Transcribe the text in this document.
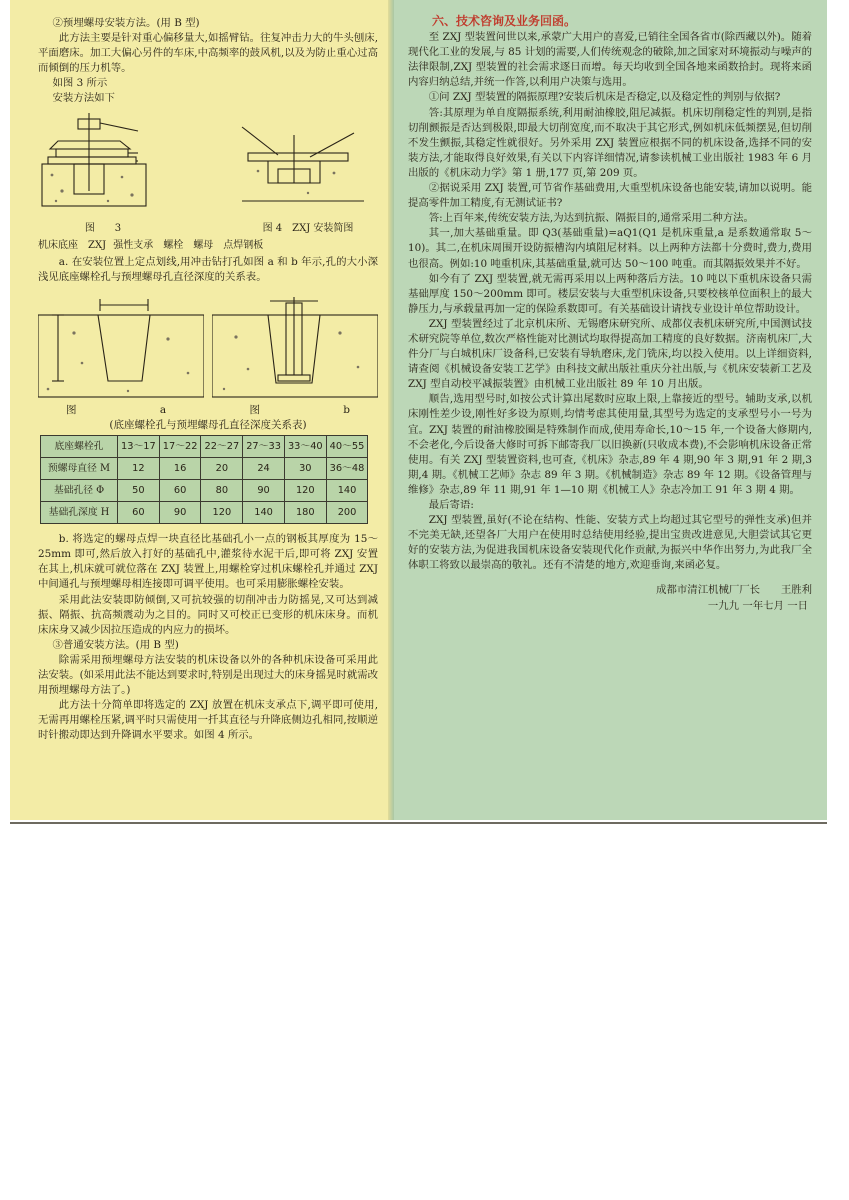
②预埋螺母安装方法。(用 B 型)

此方法主要是针对重心偏移量大,如摇臂钻。往复冲击力大的牛头刨床,平面磨床。加工大偏心另件的车床,中高频率的鼓风机,以及为防止重心过高而倾倒的压力机等。

如图 3 所示

安装方法如下

图　　3	图 4　ZXJ 安装简图

机床底座　ZXJ 强性支承　螺栓　螺母　点焊钢板

a. 在安装位置上定点划线,用冲击钻打孔如图 a 和 b 年示,孔的大小深浅见底座螺栓孔与预埋螺母孔直径深度的关系表。

图 a	图 b
(底座螺栓孔与预埋螺母孔直径深度关系表)
底座螺栓孔	13～17	17～22	22～27	27～33	33～40	40～55
预螺母直径 M	12	16	20	24	30	36～48
基础孔径 Φ	50	60	80	90	120	140
基础孔深度 H	60	90	120	140	180	200

b. 将选定的螺母点焊一块直径比基础孔小一点的钢板其厚度为 15～25mm 即可,然后放入打好的基础孔中,灌浆待水泥干后,即可将 ZXJ 安置在其上,机床就可就位落在 ZXJ 装置上,用螺栓穿过机床螺栓孔并通过 ZXJ 中间通孔与预埋螺母相连接即可调平使用。也可采用膨胀螺栓安装。

采用此法安装即防倾倒,又可抗较强的切削冲击力防摇晃,又可达到减振、隔振、抗高频震动为之目的。同时又可校正已变形的机床床身。而机床床身又减少因拉压造成的内应力的损坏。

③普通安装方法。(用 B 型)

除需采用预埋螺母方法安装的机床设备以外的各种机床设备可采用此法安装。(如采用此法不能达到要求时,特别是出现过大的床身摇晃时就需改用预埋螺母方法了。)

此方法十分简单即将选定的 ZXJ 放置在机床支承点下,调平即可使用,无需再用螺栓压紧,调平时只需使用一扦其直径与升降底侧边孔相同,按顺逆时针搬动即达到升降调水平要求。如图 4 所示。

六、技术咨询及业务回函。

至 ZXJ 型装置问世以来,承蒙广大用户的喜爱,已销往全国各省市(除西藏以外)。随着现代化工业的发展,与 85 计划的需要,人们传统观念的破除,加之国家对环境振动与噪声的法律限制,ZXJ 型装置的社会需求逐日而增。每天均收到全国各地来函数拾封。现将来函内容归纳总结,并统一作答,以利用户决策与选用。

①问 ZXJ 型装置的隔振原理?安装后机床是否稳定,以及稳定性的判别与依据?

答:其原理为单自度隔振系统,利用耐油橡胶,阻尼减振。机床切削稳定性的判别,是指切削颤振是否达到极限,即最大切削宽度,而不取决于其它形式,例如机床低频摆晃,但切削不发生颤振,其稳定性就很好。另外采用 ZXJ 装置应根据不同的机床设备,选择不同的安装方法,才能取得良好效果,有关以下内容详细情况,请参读机械工业出版社 1983 年 6 月出版的《机床动力学》第 1 册,177 页,第 209 页。

②据说采用 ZXJ 装置,可节省作基础费用,大重型机床设备也能安装,请加以说明。能提高零件加工精度,有无测试证书?

答:上百年来,传统安装方法,为达到抗振、隔振目的,通常采用二种方法。

其一,加大基础重量。即 Q3(基础重量)=aQ1(Q1 是机床重量,a 是系数通常取 5～10)。其二,在机床周围开设防振槽沟内填阻尼材料。以上两种方法都十分费时,费力,费用也很高。例如:10 吨重机床,其基础重量,就可达 50～100 吨重。而其隔振效果并不好。

如今有了 ZXJ 型装置,就无需再采用以上两种落后方法。10 吨以下重机床设备只需基础厚度 150～200mm 即可。楼层安装与大重型机床设备,只要校核单位面积上的最大静压力,与承载量再加一定的保险系数即可。有关基础设计请找专业设计单位帮助设计。

ZXJ 型装置经过了北京机床所、无锡磨床研究所、成都仪表机床研究所,中国测试技术研究院等单位,数次严格性能对比测试均取得提高加工精度的良好数据。济南机床厂,大件分厂与白城机床厂设备科,已安装有导轨磨床,龙门铣床,均以投入使用。以上详细资料,请查阅《机械设备安装工艺学》由科技文献出版社重庆分社出版,与《机床安装新工艺及 ZXJ 型自动校平减振装置》由机械工业出版社 89 年 10 月出版。

顺告,选用型号时,如按公式计算出尾数时应取上限,上靠接近的型号。辅助支承,以机床刚性差少设,刚性好多设为原则,均情考虑其使用量,其型号为选定的支承型号小一号为宜。ZXJ 装置的耐油橡胶圈是特殊制作而成,使用寿命长,10～15 年,一个设备大修期内,不会老化,今后设备大修时可拆下邮寄我厂以旧换新(只收成本费),不会影响机床设备正常使用。有关 ZXJ 型装置资料,也可查,《机床》杂志,89 年 4 期,90 年 3 期,91 年 2 期,3 期,4 期。《机械工艺师》杂志 89 年 3 期。《机械制造》杂志 89 年 12 期。《设备管理与维修》杂志,89 年 11 期,91 年 1—10 期《机械工人》杂志冷加工 91 年 3 期 4 期。

最后寄语:

ZXJ 型装置,虽好(不论在结构、性能、安装方式上均超过其它型号的弹性支承)但并不完美无缺,还望各厂大用户在使用时总结使用经验,提出宝贵改进意见,大胆尝试其它更好的安装方法,为促进我国机床设备安装现代化作贡献,为振兴中华作出努力,为此我厂全体职工将致以最崇高的敬礼。还有不清楚的地方,欢迎垂询,来函必复。

成都市清江机械厂厂长　　王胜利

一九九 一年七月 一日
